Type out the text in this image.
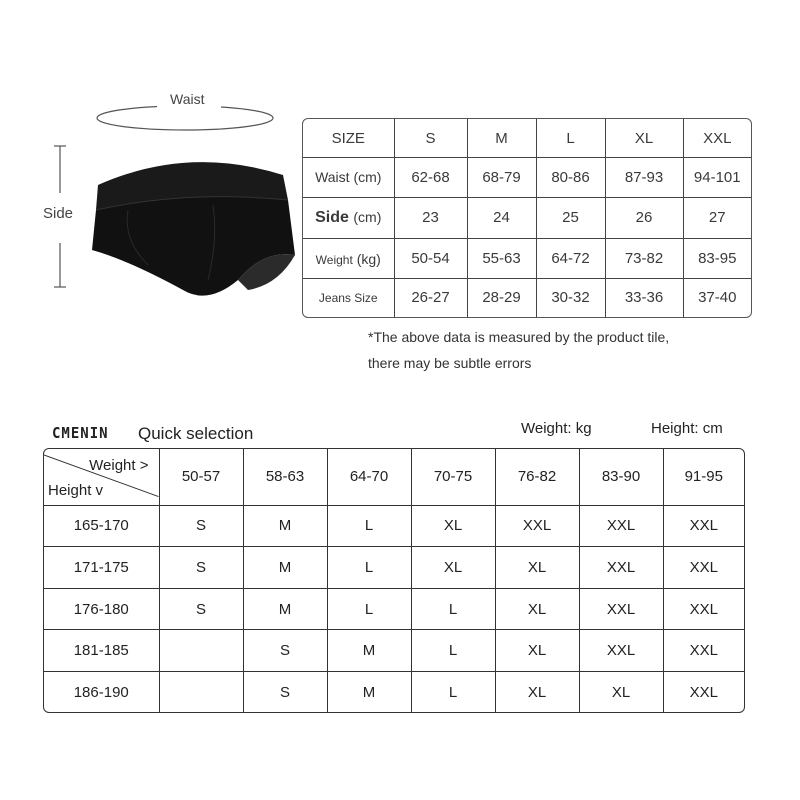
Waist
Side
SIZE	S	M	L	XL	XXL
Waist (cm)	62-68	68-79	80-86	87-93	94-101
Side (cm)	23	24	25	26	27
Weight (kg)	50-54	55-63	64-72	73-82	83-95
Jeans Size	26-27	28-29	30-32	33-36	37-40
*The above data is measured by the product tile,
there may be subtle errors
CMENIN Quick selection	Weight: kg	Height: cm
Weight >
Height v	50-57	58-63	64-70	70-75	76-82	83-90	91-95
165-170	S	M	L	XL	XXL	XXL	XXL
171-175	S	M	L	XL	XL	XXL	XXL
176-180	S	M	L	L	XL	XXL	XXL
181-185		S	M	L	XL	XXL	XXL
186-190		S	M	L	XL	XL	XXL
